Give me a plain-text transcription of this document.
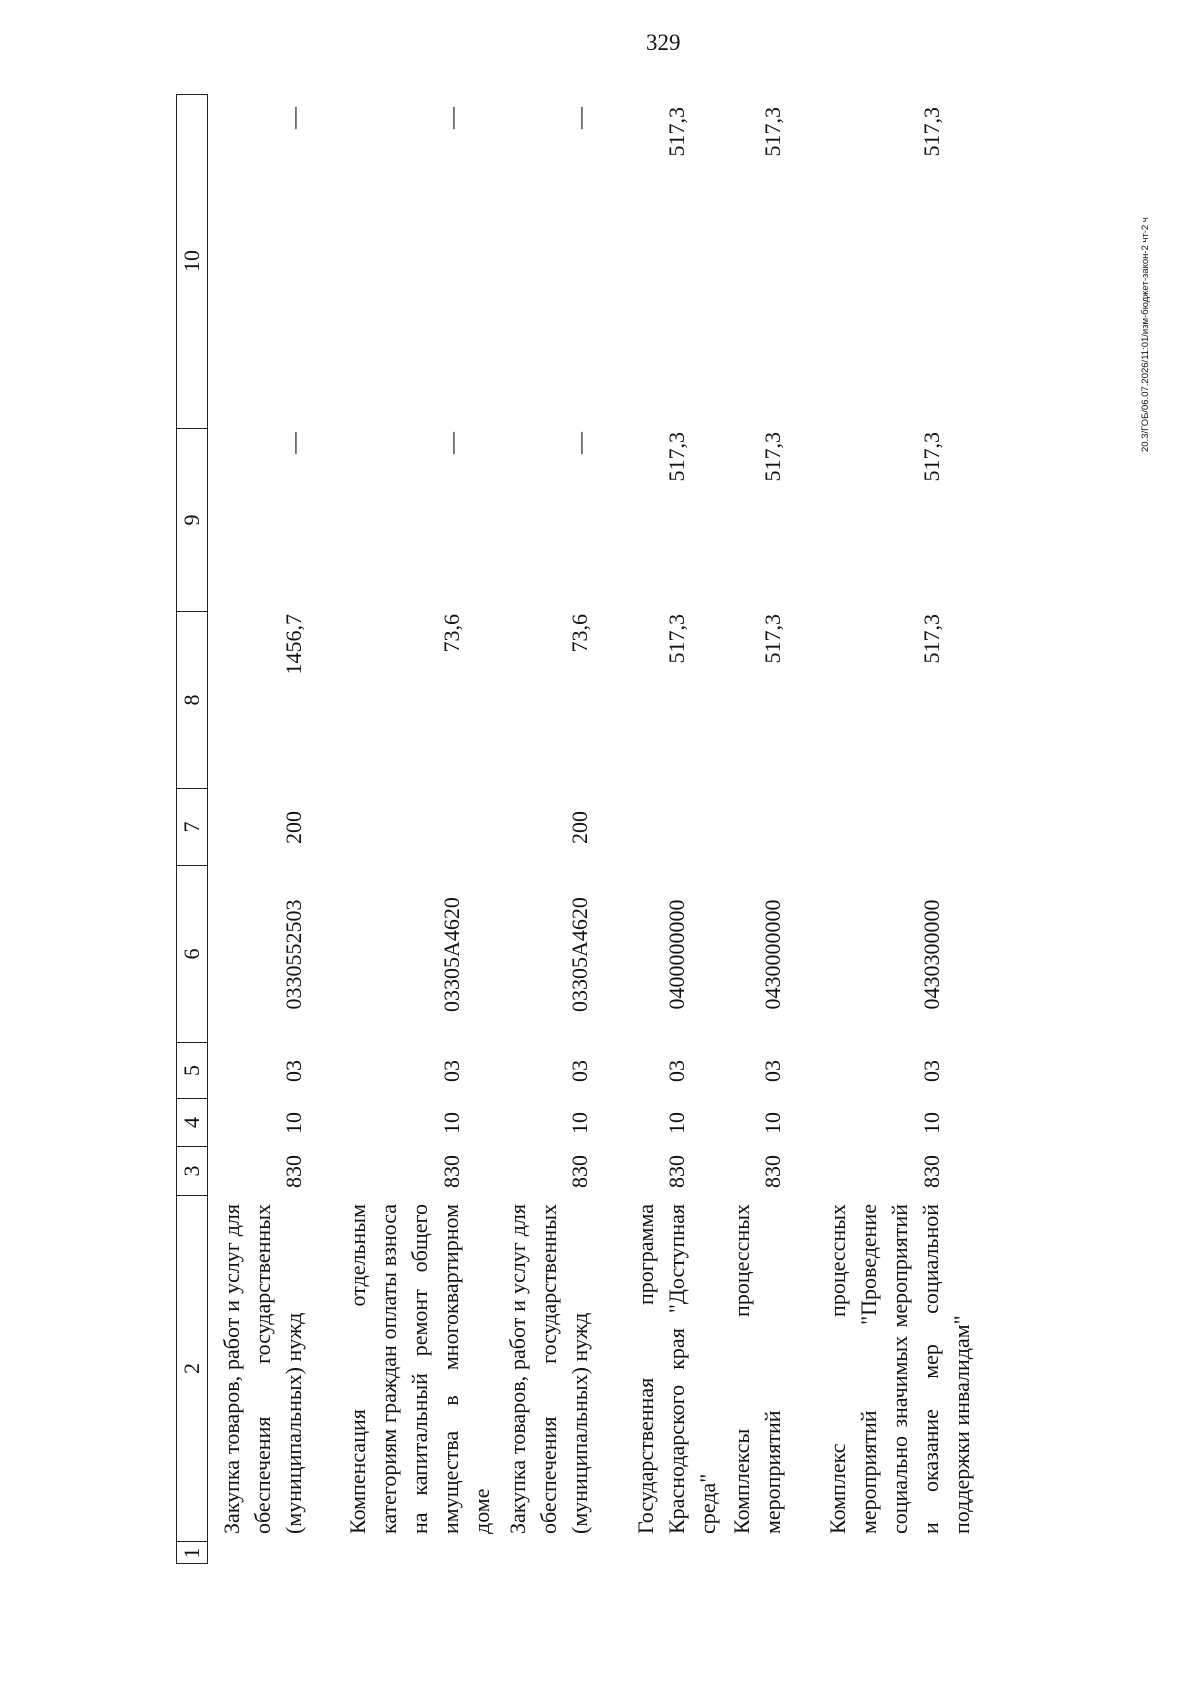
329
20.3/ГОБ/06.07.2026/11:01/изм-бюджет-закон-2 чт-2 ч
1
2
3
4
5
6
7
8
9
10
Закупка товаров, работ и услуг для обеспечения государственных (муниципальных) нужд
830
10
03
0330552503
200
1456,7
—
—
Компенсация отдельным категориям граждан оплаты взноса на капитальный ремонт общего имущества в многоквартирном доме
830
10
03
03305А4620
73,6
—
—
Закупка товаров, работ и услуг для обеспечения государственных (муниципальных) нужд
830
10
03
03305А4620
200
73,6
—
—
Государственная программа Краснодарского края "Доступная среда"
830
10
03
0400000000
517,3
517,3
517,3
Комплексы процессных мероприятий
830
10
03
0430000000
517,3
517,3
517,3
Комплекс процессных мероприятий "Проведение социально значимых мероприятий и оказание мер социальной поддержки инвалидам"
830
10
03
0430300000
517,3
517,3
517,3
